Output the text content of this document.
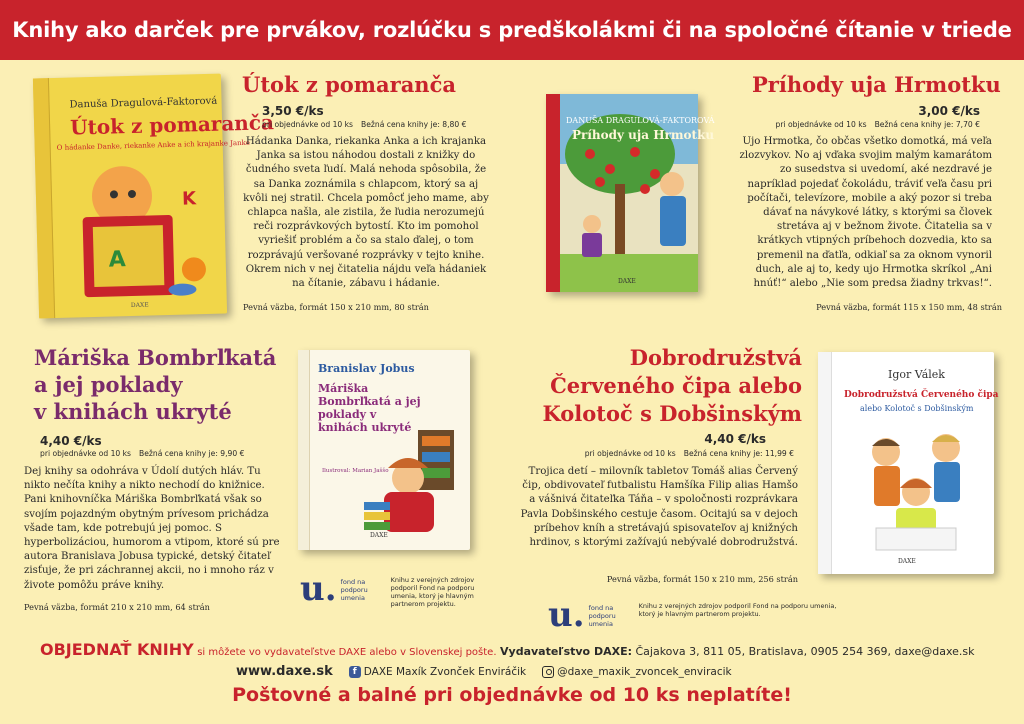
Knihy ako darček pre prvákov, rozlúčku s predškolákmi či na spoločné čítanie v triede
Danuša Dragulová-Faktorová
Útok z pomaranča
O hádanke Danke, riekanke Anke a ich krajanke Janke
A
K
DAXE
Útok z pomaranča
3,50 €/ks
pri objednávke od 10 ks Bežná cena knihy je: 8,80 €
Hádanka Danka, riekanka Anka a ich krajanka Janka sa istou náhodou dostali z knižky do čudného sveta ľudí. Malá nehoda spôsobila, že sa Danka zoznámila s chlapcom, ktorý sa aj kvôli nej stratil. Chcela pomôcť jeho mame, aby chlapca našla, ale zistila, že ľudia nerozumejú reči rozprávkových bytostí. Kto im pomohol vyriešiť problém a čo sa stalo ďalej, o tom rozprávajú veršované rozprávky v tejto knihe. Okrem nich v nej čitatelia nájdu veľa hádaniek na čítanie, zábavu i hádanie.
Pevná väzba, formát 150 x 210 mm, 80 strán
DANUŠA DRAGULOVÁ-FAKTOROVÁ
Príhody uja Hrmotku
DAXE
Príhody uja Hrmotku
3,00 €/ks
pri objednávke od 10 ks Bežná cena knihy je: 7,70 €
Ujo Hrmotka, čo občas všetko domotká, má veľa zlozvykov. No aj vďaka svojim malým kamarátom zo susedstva si uvedomí, aké nezdravé je napríklad pojedať čokoládu, tráviť veľa času pri počítači, televízore, mobile a aký pozor si treba dávať na návykové látky, s ktorými sa človek stretáva aj v bežnom živote. Čitatelia sa v krátkych vtipných príbehoch dozvedia, kto sa premenil na ďatľa, odkiaľ sa za oknom vynoril duch, ale aj to, kedy ujo Hrmotka skríkol „Ani hnúť!“ alebo „Nie som predsa žiadny trkvas!“.
Pevná väzba, formát 115 x 150 mm, 48 strán
Máriška Bombrľkatá
a jej poklady
v knihách ukryté
4,40 €/ks
pri objednávke od 10 ks Bežná cena knihy je: 9,90 €
Dej knihy sa odohráva v Údolí dutých hláv. Tu nikto nečíta knihy a nikto nechodí do knižnice. Pani knihovníčka Máriška Bombrľkatá však so svojím pojazdným obytným prívesom prichádza všade tam, kde potrebujú jej pomoc. S hyperbolizáciou, humorom a vtipom, ktoré sú pre autora Branislava Jobusa typické, detský čitateľ zisťuje, že pri záchrannej akcii, no i mnoho ráz v živote pomôžu práve knihy.
Pevná väzba, formát 210 x 210 mm, 64 strán
Branislav Jobus
Máriška Bombrľkatá a jej poklady v knihách ukryté
Ilustroval: Marian Jaššo
DAXE
u. fond na podporu umenia
Knihu z verejných zdrojov podporil Fond na podporu umenia, ktorý je hlavným partnerom projektu.
Dobrodružstvá
Červeného čipa alebo
Kolotoč s Dobšinským
4,40 €/ks
pri objednávke od 10 ks Bežná cena knihy je: 11,99 €
Trojica detí – milovník tabletov Tomáš alias Červený čip, obdivovateľ futbalistu Hamšíka Filip alias Hamšo a vášnivá čitateľka Táňa – v spoločnosti rozprávkara Pavla Dobšinského cestuje časom. Ocitajú sa v dejoch príbehov kníh a stretávajú spisovateľov aj knižných hrdinov, s ktorými zažívajú nebývalé dobrodružstvá.
Pevná väzba, formát 150 x 210 mm, 256 strán
Igor Válek
Dobrodružstvá Červeného čipa
alebo Kolotoč s Dobšinským
DAXE
u. fond na podporu umenia
Knihu z verejných zdrojov podporil Fond na podporu umenia, ktorý je hlavným partnerom projektu.
OBJEDNAŤ KNIHY si môžete vo vydavateľstve DAXE alebo v Slovenskej pošte. Vydavateľstvo DAXE: Čajakova 3, 811 05, Bratislava, 0905 254 369, daxe@daxe.sk
www.daxe.sk	f DAXE Maxík Zvonček Enviráčik	@daxe_maxik_zvoncek_enviracik
Poštovné a balné pri objednávke od 10 ks neplatíte!
